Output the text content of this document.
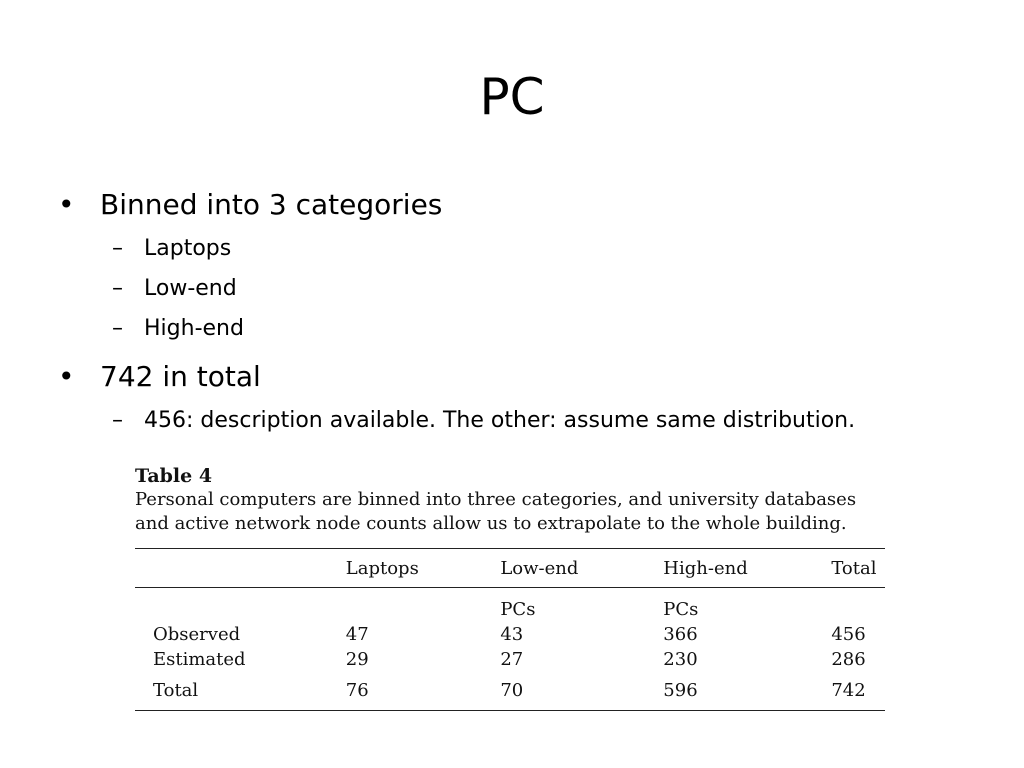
PC
• Binned into 3 categories
– Laptops
– Low-end
– High-end
• 742 in total
– 456: description available. The other: assume same distribution.
Table 4
Personal computers are binned into three categories, and university databases and active network node counts allow us to extrapolate to the whole building.
	Laptops	Low-end	High-end	Total
		PCs	PCs	
Observed	47	43	366	456
Estimated	29	27	230	286
Total	76	70	596	742
